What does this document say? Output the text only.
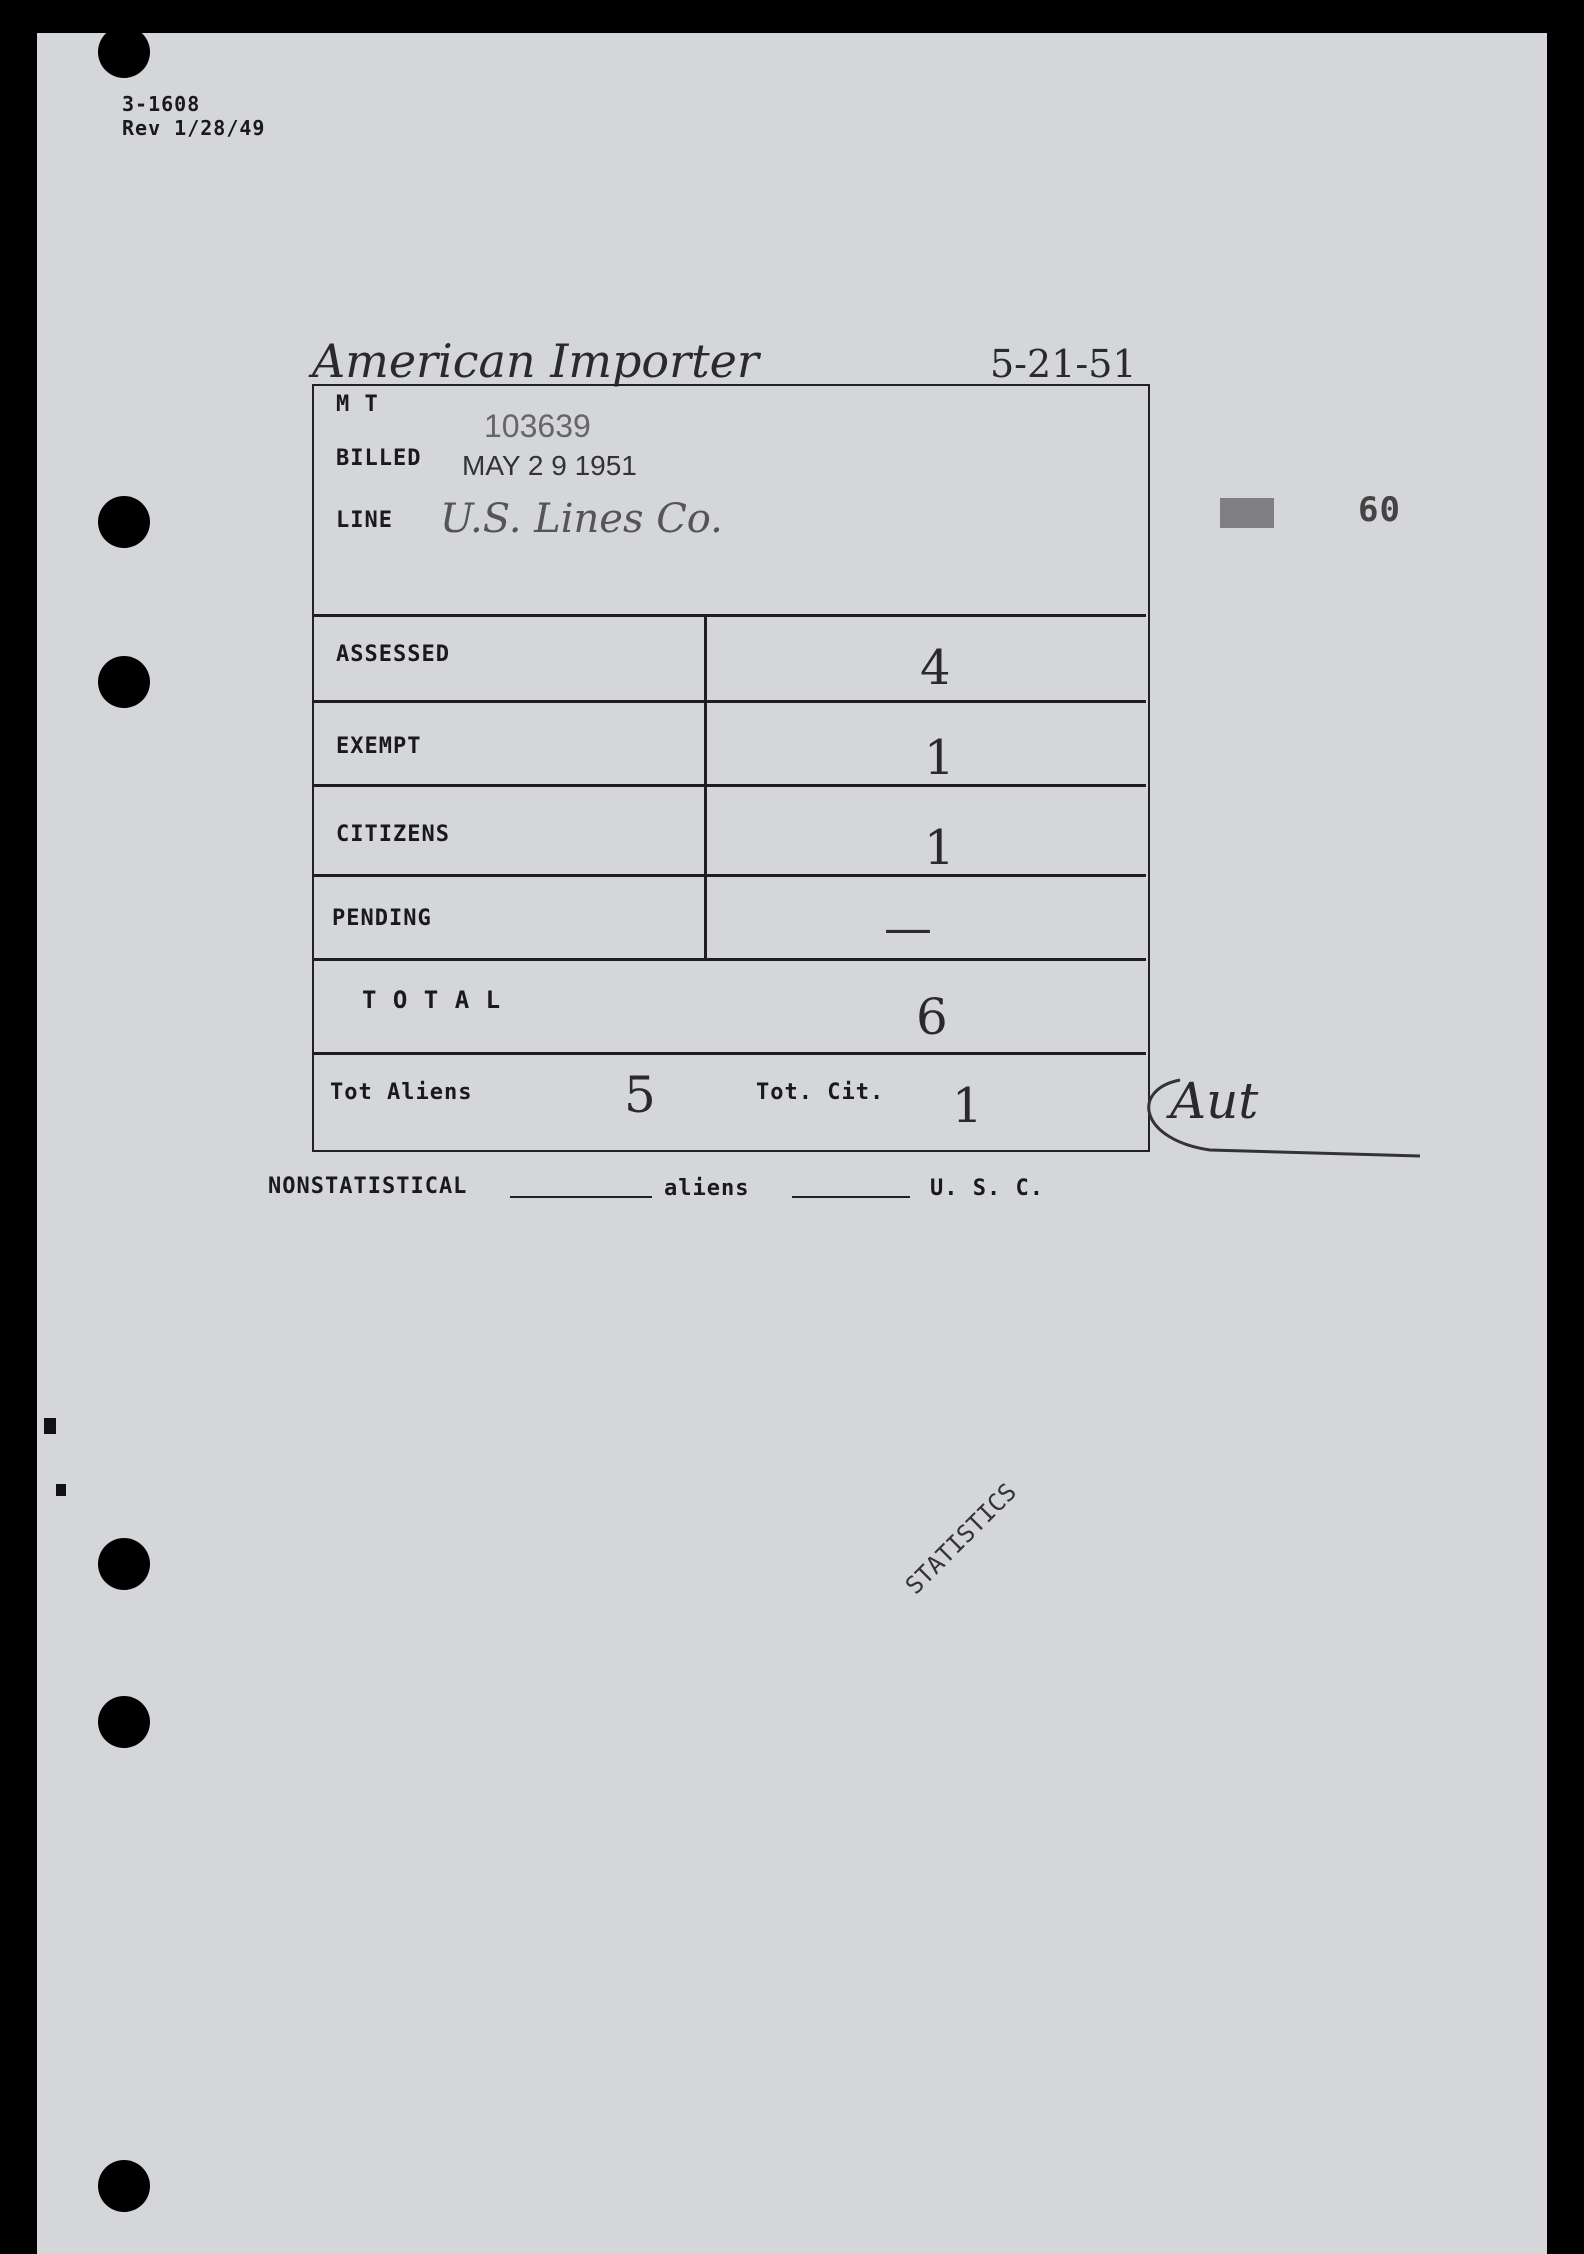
3-1608
Rev 1/28/49
American Importer	5-21-51
60
M T
103639
BILLED MAY 2 9 1951
LINE U.S. Lines Co.
ASSESSED	4
EXEMPT	1
CITIZENS	1
PENDING	—
T O T A L	6
Tot Aliens	5	Tot. Cit. 1	Aut
NONSTATISTICAL	aliens	U. S. C.
STATISTICS
